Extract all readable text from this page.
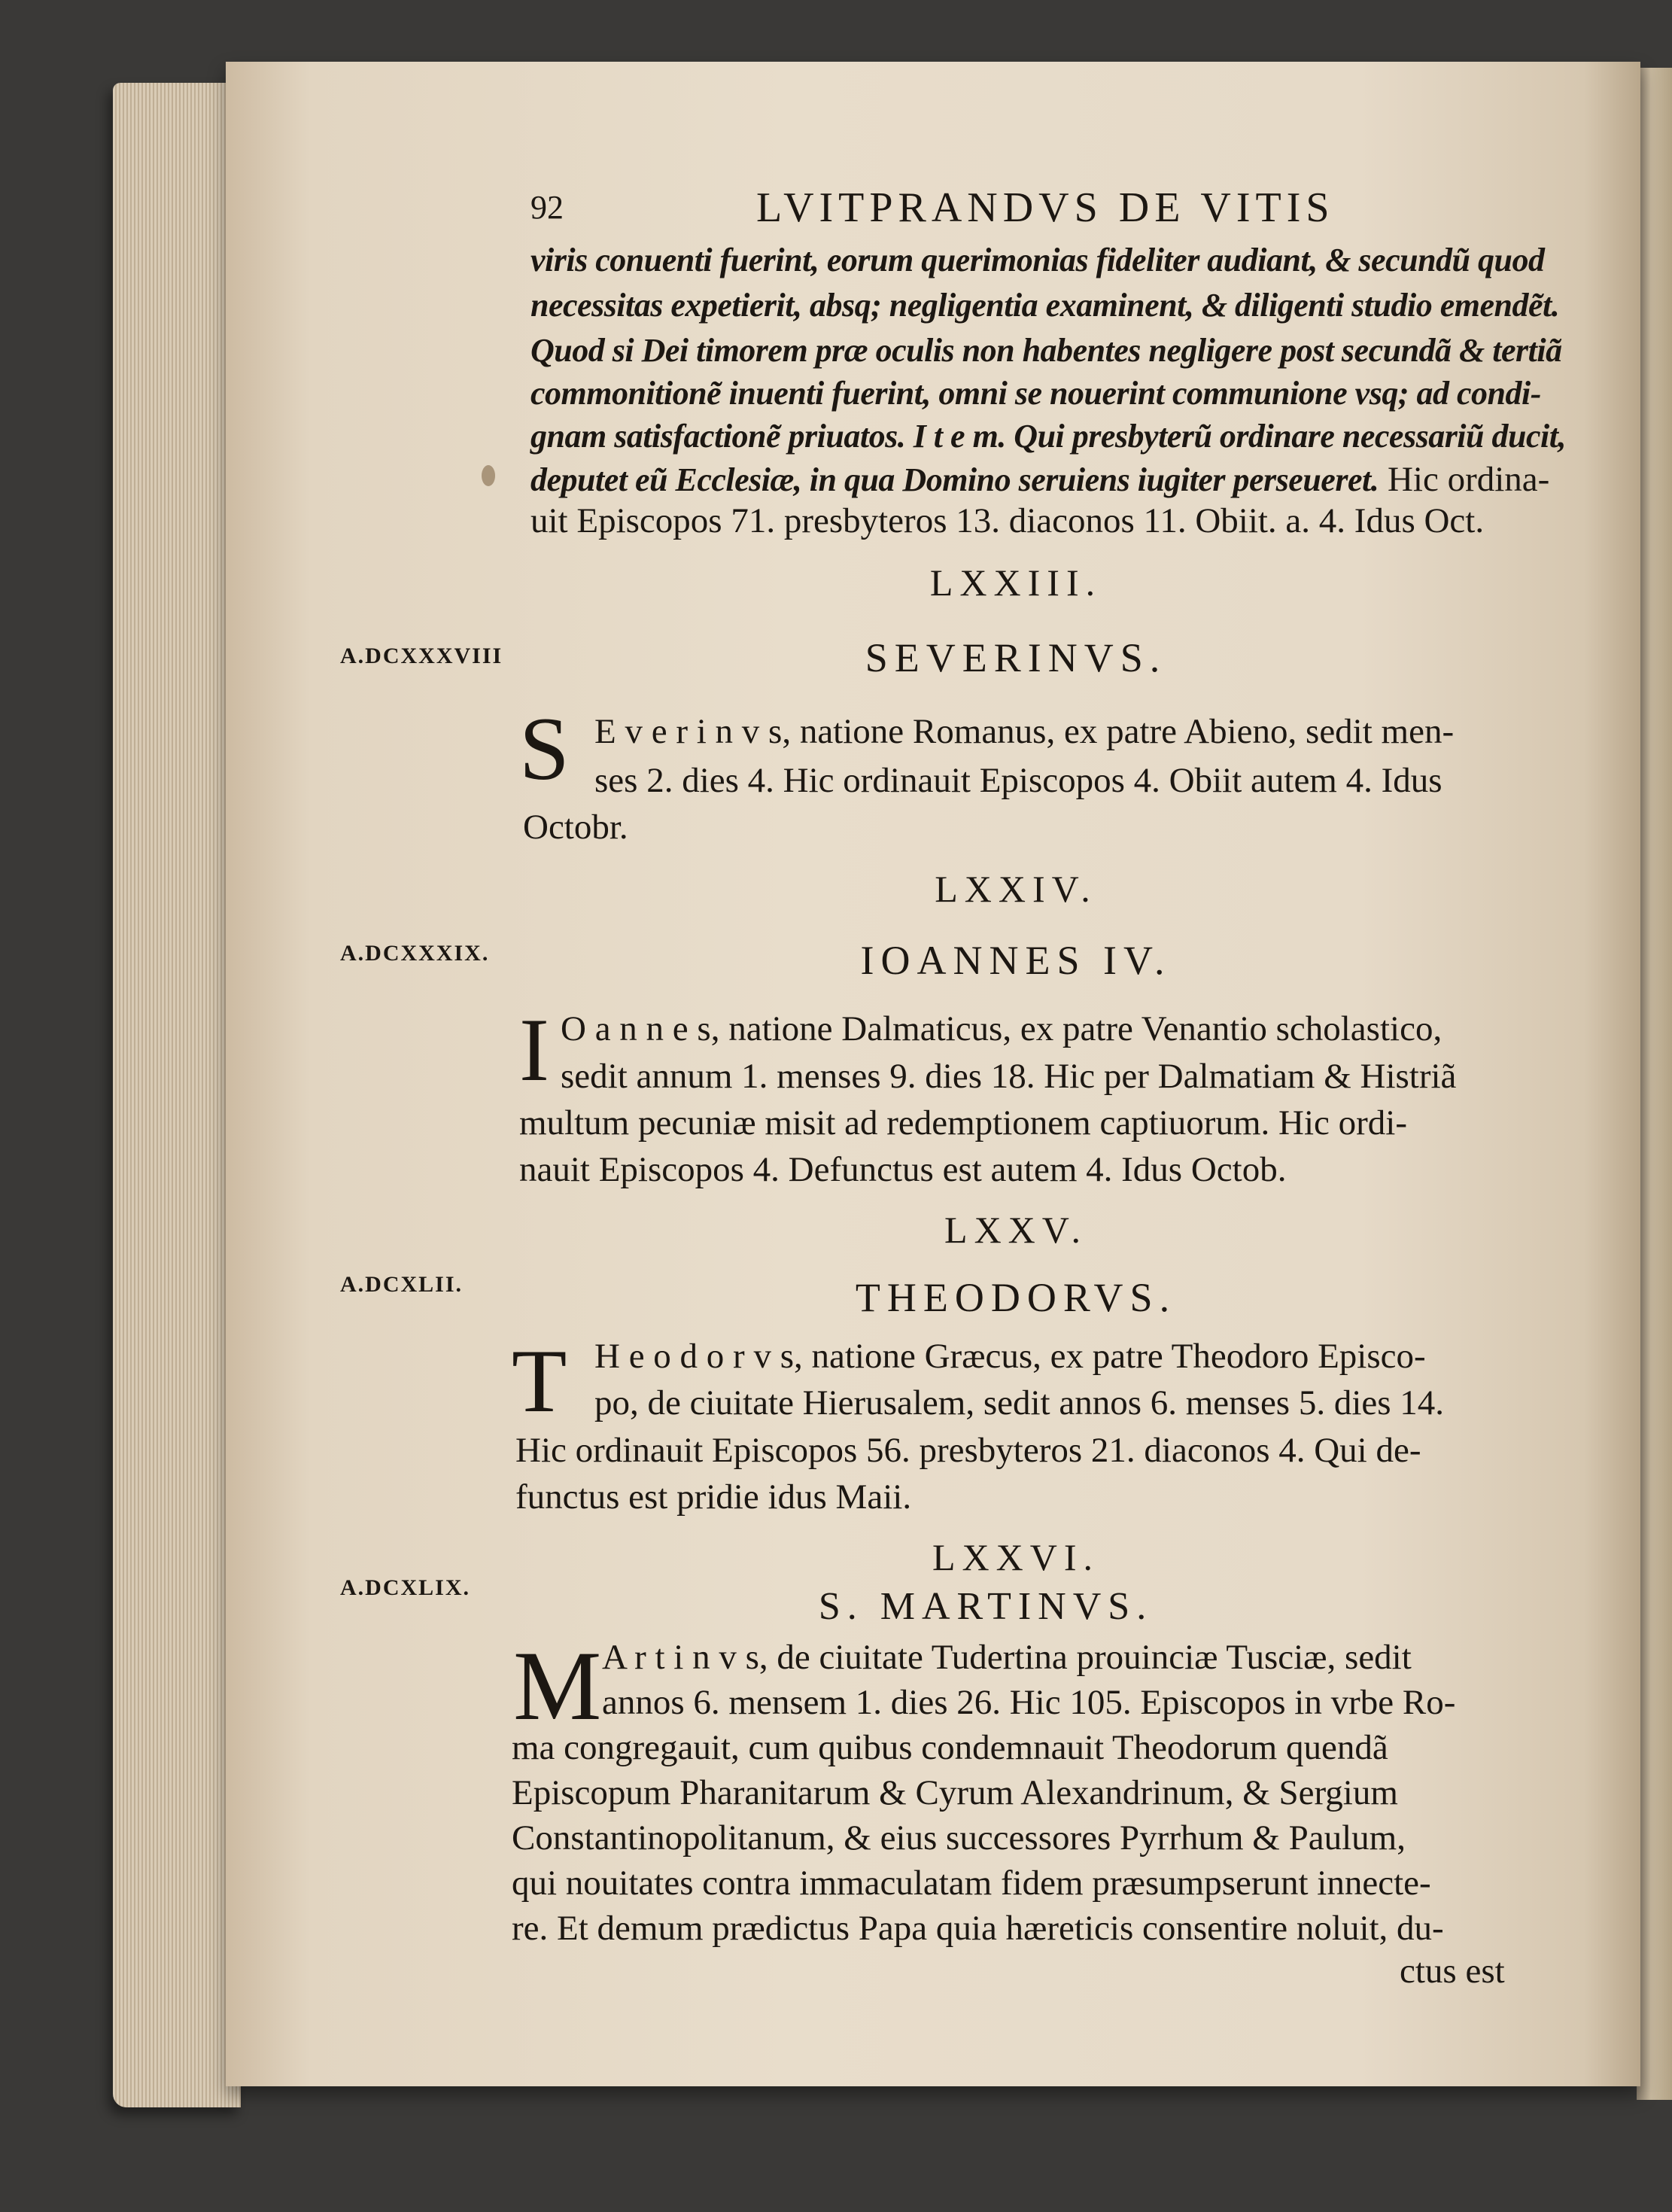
92	LVITPRANDVS DE VITIS
viris conuenti fuerint, eorum querimonias fideliter audiant, & secundũ quod
necessitas expetierit, absq; negligentia examinent, & diligenti studio emendẽt.
Quod si Dei timorem præ oculis non habentes negligere post secundã & tertiã
commonitionẽ inuenti fuerint, omni se nouerint communione vsq; ad condi-
gnam satisfactionẽ priuatos. I t e m. Qui presbyterũ ordinare necessariũ ducit,
deputet eũ Ecclesiæ, in qua Domino seruiens iugiter perseueret. Hic ordina-
uit Episcopos 71. presbyteros 13. diaconos 11. Obiit. a. 4. Idus Oct.
LXXIII.
A.DCXXXVIII	SEVERINVS.
S E v e r i n v s, natione Romanus, ex patre Abieno, sedit men-
ses 2. dies 4. Hic ordinauit Episcopos 4. Obiit autem 4. Idus
Octobr.
LXXIV.
A.DCXXXIX.	IOANNES IV.
I O a n n e s, natione Dalmaticus, ex patre Venantio scholastico,
sedit annum 1. menses 9. dies 18. Hic per Dalmatiam & Histriã
multum pecuniæ misit ad redemptionem captiuorum. Hic ordi-
nauit Episcopos 4. Defunctus est autem 4. Idus Octob.
LXXV.
A.DCXLII.	THEODORVS.
T H e o d o r v s, natione Græcus, ex patre Theodoro Episco-
po, de ciuitate Hierusalem, sedit annos 6. menses 5. dies 14.
Hic ordinauit Episcopos 56. presbyteros 21. diaconos 4. Qui de-
functus est pridie idus Maii.
LXXVI.
A.DCXLIX.	S. MARTINVS.
M A r t i n v s, de ciuitate Tudertina prouinciæ Tusciæ, sedit
annos 6. mensem 1. dies 26. Hic 105. Episcopos in vrbe Ro-
ma congregauit, cum quibus condemnauit Theodorum quendã
Episcopum Pharanitarum & Cyrum Alexandrinum, & Sergium
Constantinopolitanum, & eius successores Pyrrhum & Paulum,
qui nouitates contra immaculatam fidem præsumpserunt innecte-
re. Et demum prædictus Papa quia hæreticis consentire noluit, du-
ctus est
